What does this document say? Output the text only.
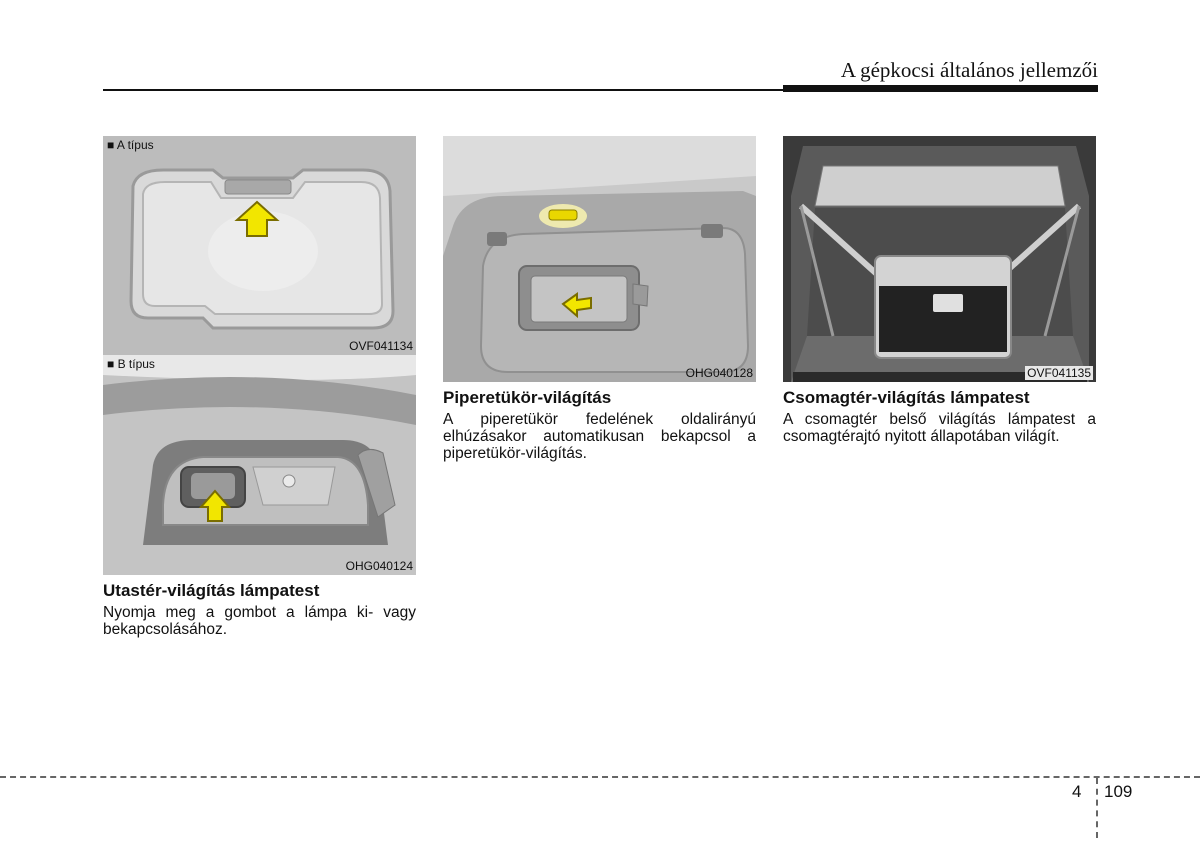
A gépkocsi általános jellemzői
■ A típus
OVF041134
■ B típus
OHG040124
OHG040128	OVF041135
Utastér-világítás lámpatest
Nyomja meg a gombot a lámpa ki- vagy bekapcsolásához.
Piperetükör-világítás
A piperetükör fedelének oldalirányú elhúzásakor automatikusan bekapcsol a piperetükör-világítás.
Csomagtér-világítás lámpatest
A csomagtér belső világítás lámpatest a csomagtérajtó nyitott állapotában világít.
4 109
